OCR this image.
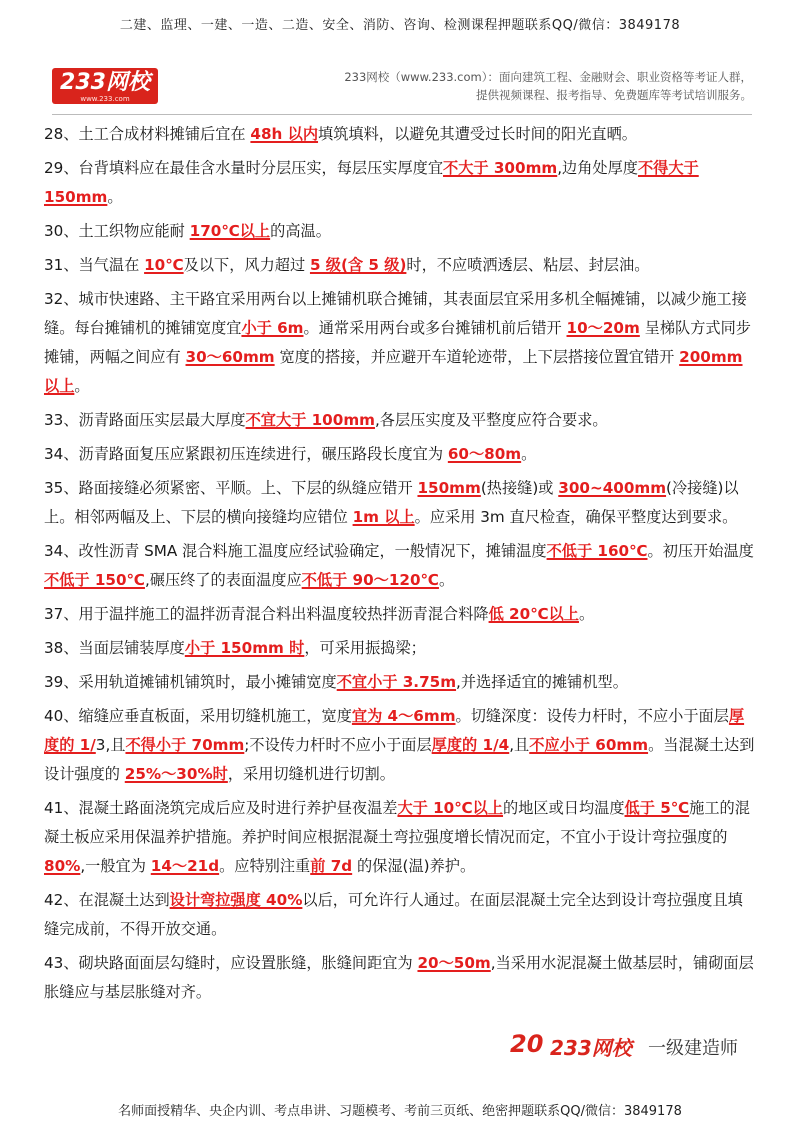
二建、监理、一建、一造、二造、安全、消防、咨询、检测课程押题联系QQ/微信：3849178
233网校
www.233.com
233网校（www.233.com）：面向建筑工程、金融财会、职业资格等考证人群，
提供视频课程、报考指导、免费题库等考试培训服务。
28、土工合成材料摊铺后宜在 48h 以内填筑填料，以避免其遭受过长时间的阳光直晒。
29、台背填料应在最佳含水量时分层压实，每层压实厚度宜不大于 300mm,边角处厚度不得大于 150mm。
30、土工织物应能耐 170℃以上的高温。
31、当气温在 10℃及以下，风力超过 5 级(含 5 级)时，不应喷洒透层、粘层、封层油。
32、城市快速路、主干路宜采用两台以上摊铺机联合摊铺，其表面层宜采用多机全幅摊铺，以减少施工接缝。每台摊铺机的摊铺宽度宜小于 6m。通常采用两台或多台摊铺机前后错开 10～20m 呈梯队方式同步摊铺，两幅之间应有 30～60mm 宽度的搭接，并应避开车道轮迹带，上下层搭接位置宜错开 200mm 以上。
33、沥青路面压实层最大厚度不宜大于 100mm,各层压实度及平整度应符合要求。
34、沥青路面复压应紧跟初压连续进行，碾压路段长度宜为 60～80m。
35、路面接缝必须紧密、平顺。上、下层的纵缝应错开 150mm(热接缝)或 300~400mm(冷接缝)以上。相邻两幅及上、下层的横向接缝均应错位 1m 以上。应采用 3m 直尺检查，确保平整度达到要求。
34、改性沥青 SMA 混合料施工温度应经试验确定，一般情况下，摊铺温度不低于 160℃。初压开始温度不低于 150℃,碾压终了的表面温度应不低于 90～120℃。
37、用于温拌施工的温拌沥青混合料出料温度较热拌沥青混合料降低 20℃以上。
38、当面层铺装厚度小于 150mm 时，可采用振捣梁；
39、采用轨道摊铺机铺筑时，最小摊铺宽度不宜小于 3.75m,并选择适宜的摊铺机型。
40、缩缝应垂直板面，采用切缝机施工，宽度宜为 4～6mm。切缝深度：设传力杆时，不应小于面层厚度的 1/3,且不得小于 70mm;不设传力杆时不应小于面层厚度的 1/4,且不应小于 60mm。当混凝土达到设计强度的 25%～30%时，采用切缝机进行切割。
41、混凝土路面浇筑完成后应及时进行养护昼夜温差大于 10℃以上的地区或日均温度低于 5℃施工的混凝土板应采用保温养护措施。养护时间应根据混凝土弯拉强度增长情况而定，不宜小于设计弯拉强度的 80%,一般宜为 14～21d。应特别注重前 7d 的保湿(温)养护。
42、在混凝土达到设计弯拉强度 40%以后，可允许行人通过。在面层混凝土完全达到设计弯拉强度且填缝完成前，不得开放交通。
43、砌块路面面层勾缝时，应设置胀缝，胀缝间距宜为 20～50m,当采用水泥混凝土做基层时，铺砌面层胀缝应与基层胀缝对齐。
20 233网校 一级建造师
名师面授精华、央企内训、考点串讲、习题模考、考前三页纸、绝密押题联系QQ/微信：3849178
